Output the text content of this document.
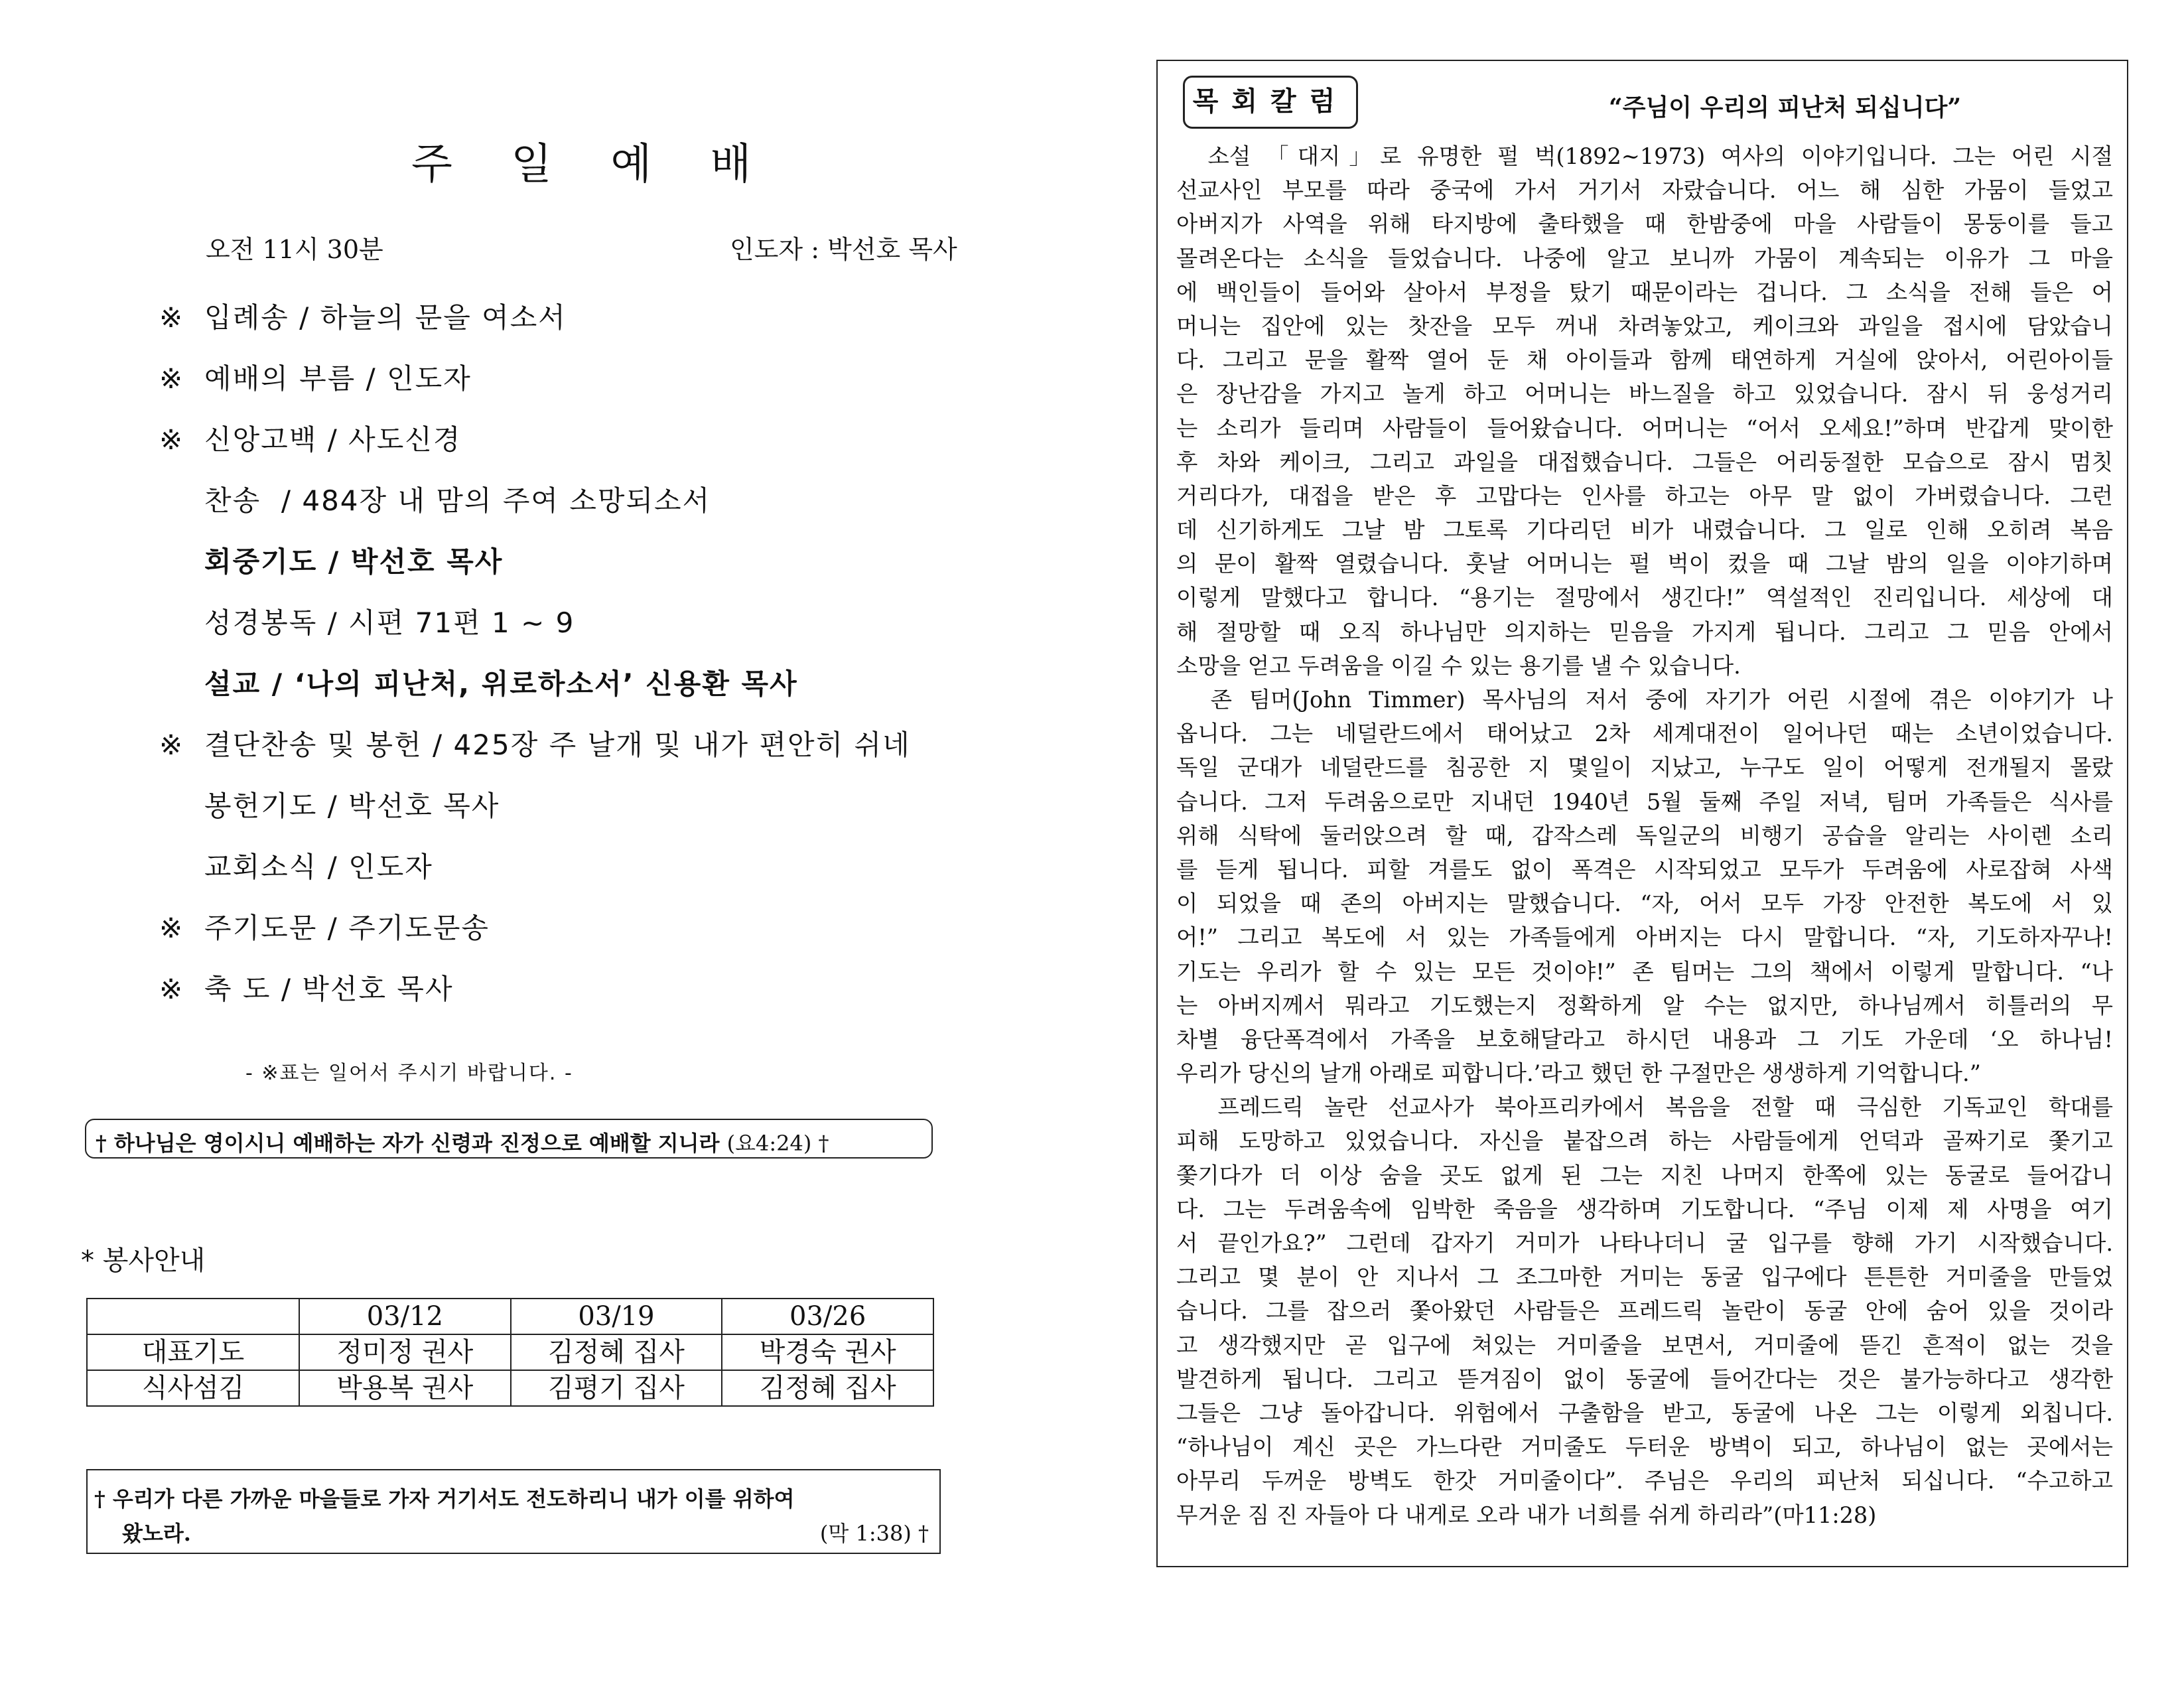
주 일 예 배
오전 11시 30분	인도자 : 박선호 목사
※ 입례송 / 하늘의 문을 여소서
※ 예배의 부름 / 인도자
※ 신앙고백 / 사도신경
찬송  / 484장 내 맘의 주여 소망되소서
회중기도 / 박선호 목사
성경봉독 / 시편 71편 1 ~ 9
설교 / ‘나의 피난처, 위로하소서’ 신용환 목사
※ 결단찬송 및 봉헌 / 425장 주 날개 및 내가 편안히 쉬네
봉헌기도 / 박선호 목사
교회소식 / 인도자
※ 주기도문 / 주기도문송
※ 축 도 / 박선호 목사
- ※표는 일어서 주시기 바랍니다. -
† 하나님은 영이시니 예배하는 자가 신령과 진정으로 예배할 지니라 (요4:24) †
* 봉사안내
	03/12	03/19	03/26
대표기도	정미정 권사	김정혜 집사	박경숙 권사
식사섬김	박용복 권사	김평기 집사	김정혜 집사
† 우리가 다른 가까운 마을들로 가자 거기서도 전도하리니 내가 이를 위하여
왔노라.	(막 1:38) †
목회칼럼	“주님이 우리의 피난처 되십니다”
소설 「대지」로 유명한 펄 벅(1892~1973) 여사의 이야기입니다. 그는 어린 시절
선교사인 부모를 따라 중국에 가서 거기서 자랐습니다. 어느 해 심한 가뭄이 들었고
아버지가 사역을 위해 타지방에 출타했을 때 한밤중에 마을 사람들이 몽둥이를 들고
몰려온다는 소식을 들었습니다. 나중에 알고 보니까 가뭄이 계속되는 이유가 그 마을
에 백인들이 들어와 살아서 부정을 탔기 때문이라는 겁니다. 그 소식을 전해 들은 어
머니는 집안에 있는 찻잔을 모두 꺼내 차려놓았고, 케이크와 과일을 접시에 담았습니
다. 그리고 문을 활짝 열어 둔 채 아이들과 함께 태연하게 거실에 앉아서, 어린아이들
은 장난감을 가지고 놀게 하고 어머니는 바느질을 하고 있었습니다. 잠시 뒤 웅성거리
는 소리가 들리며 사람들이 들어왔습니다. 어머니는 “어서 오세요!”하며 반갑게 맞이한
후 차와 케이크, 그리고 과일을 대접했습니다. 그들은 어리둥절한 모습으로 잠시 멈칫
거리다가, 대접을 받은 후 고맙다는 인사를 하고는 아무 말 없이 가버렸습니다. 그런
데 신기하게도 그날 밤 그토록 기다리던 비가 내렸습니다. 그 일로 인해 오히려 복음
의 문이 활짝 열렸습니다. 훗날 어머니는 펄 벅이 컸을 때 그날 밤의 일을 이야기하며
이렇게 말했다고 합니다. “용기는 절망에서 생긴다!” 역설적인 진리입니다. 세상에 대
해 절망할 때 오직 하나님만 의지하는 믿음을 가지게 됩니다. 그리고 그 믿음 안에서
소망을 얻고 두려움을 이길 수 있는 용기를 낼 수 있습니다.
존 팀머(John Timmer) 목사님의 저서 중에 자기가 어린 시절에 겪은 이야기가 나
옵니다. 그는 네덜란드에서 태어났고 2차 세계대전이 일어나던 때는 소년이었습니다.
독일 군대가 네덜란드를 침공한 지 몇일이 지났고, 누구도 일이 어떻게 전개될지 몰랐
습니다. 그저 두려움으로만 지내던 1940년 5월 둘째 주일 저녁, 팀머 가족들은 식사를
위해 식탁에 둘러앉으려 할 때, 갑작스레 독일군의 비행기 공습을 알리는 사이렌 소리
를 듣게 됩니다. 피할 겨를도 없이 폭격은 시작되었고 모두가 두려움에 사로잡혀 사색
이 되었을 때 존의 아버지는 말했습니다. “자, 어서 모두 가장 안전한 복도에 서 있
어!” 그리고 복도에 서 있는 가족들에게 아버지는 다시 말합니다. “자, 기도하자꾸나!
기도는 우리가 할 수 있는 모든 것이야!” 존 팀머는 그의 책에서 이렇게 말합니다. “나
는 아버지께서 뭐라고 기도했는지 정확하게 알 수는 없지만, 하나님께서 히틀러의 무
차별 융단폭격에서 가족을 보호해달라고 하시던 내용과 그 기도 가운데 ‘오 하나님!
우리가 당신의 날개 아래로 피합니다.’라고 했던 한 구절만은 생생하게 기억합니다.”
프레드릭 놀란 선교사가 북아프리카에서 복음을 전할 때 극심한 기독교인 학대를
피해 도망하고 있었습니다. 자신을 붙잡으려 하는 사람들에게 언덕과 골짜기로 쫓기고
쫓기다가 더 이상 숨을 곳도 없게 된 그는 지친 나머지 한쪽에 있는 동굴로 들어갑니
다. 그는 두려움속에 임박한 죽음을 생각하며 기도합니다. “주님 이제 제 사명을 여기
서 끝인가요?” 그런데 갑자기 거미가 나타나더니 굴 입구를 향해 가기 시작했습니다.
그리고 몇 분이 안 지나서 그 조그마한 거미는 동굴 입구에다 튼튼한 거미줄을 만들었
습니다. 그를 잡으러 쫓아왔던 사람들은 프레드릭 놀란이 동굴 안에 숨어 있을 것이라
고 생각했지만 곧 입구에 쳐있는 거미줄을 보면서, 거미줄에 뜯긴 흔적이 없는 것을
발견하게 됩니다. 그리고 뜯겨짐이 없이 동굴에 들어간다는 것은 불가능하다고 생각한
그들은 그냥 돌아갑니다. 위험에서 구출함을 받고, 동굴에 나온 그는 이렇게 외칩니다.
“하나님이 계신 곳은 가느다란 거미줄도 두터운 방벽이 되고, 하나님이 없는 곳에서는
아무리 두꺼운 방벽도 한갓 거미줄이다”. 주님은 우리의 피난처 되십니다. “수고하고
무거운 짐 진 자들아 다 내게로 오라 내가 너희를 쉬게 하리라”(마11:28)
